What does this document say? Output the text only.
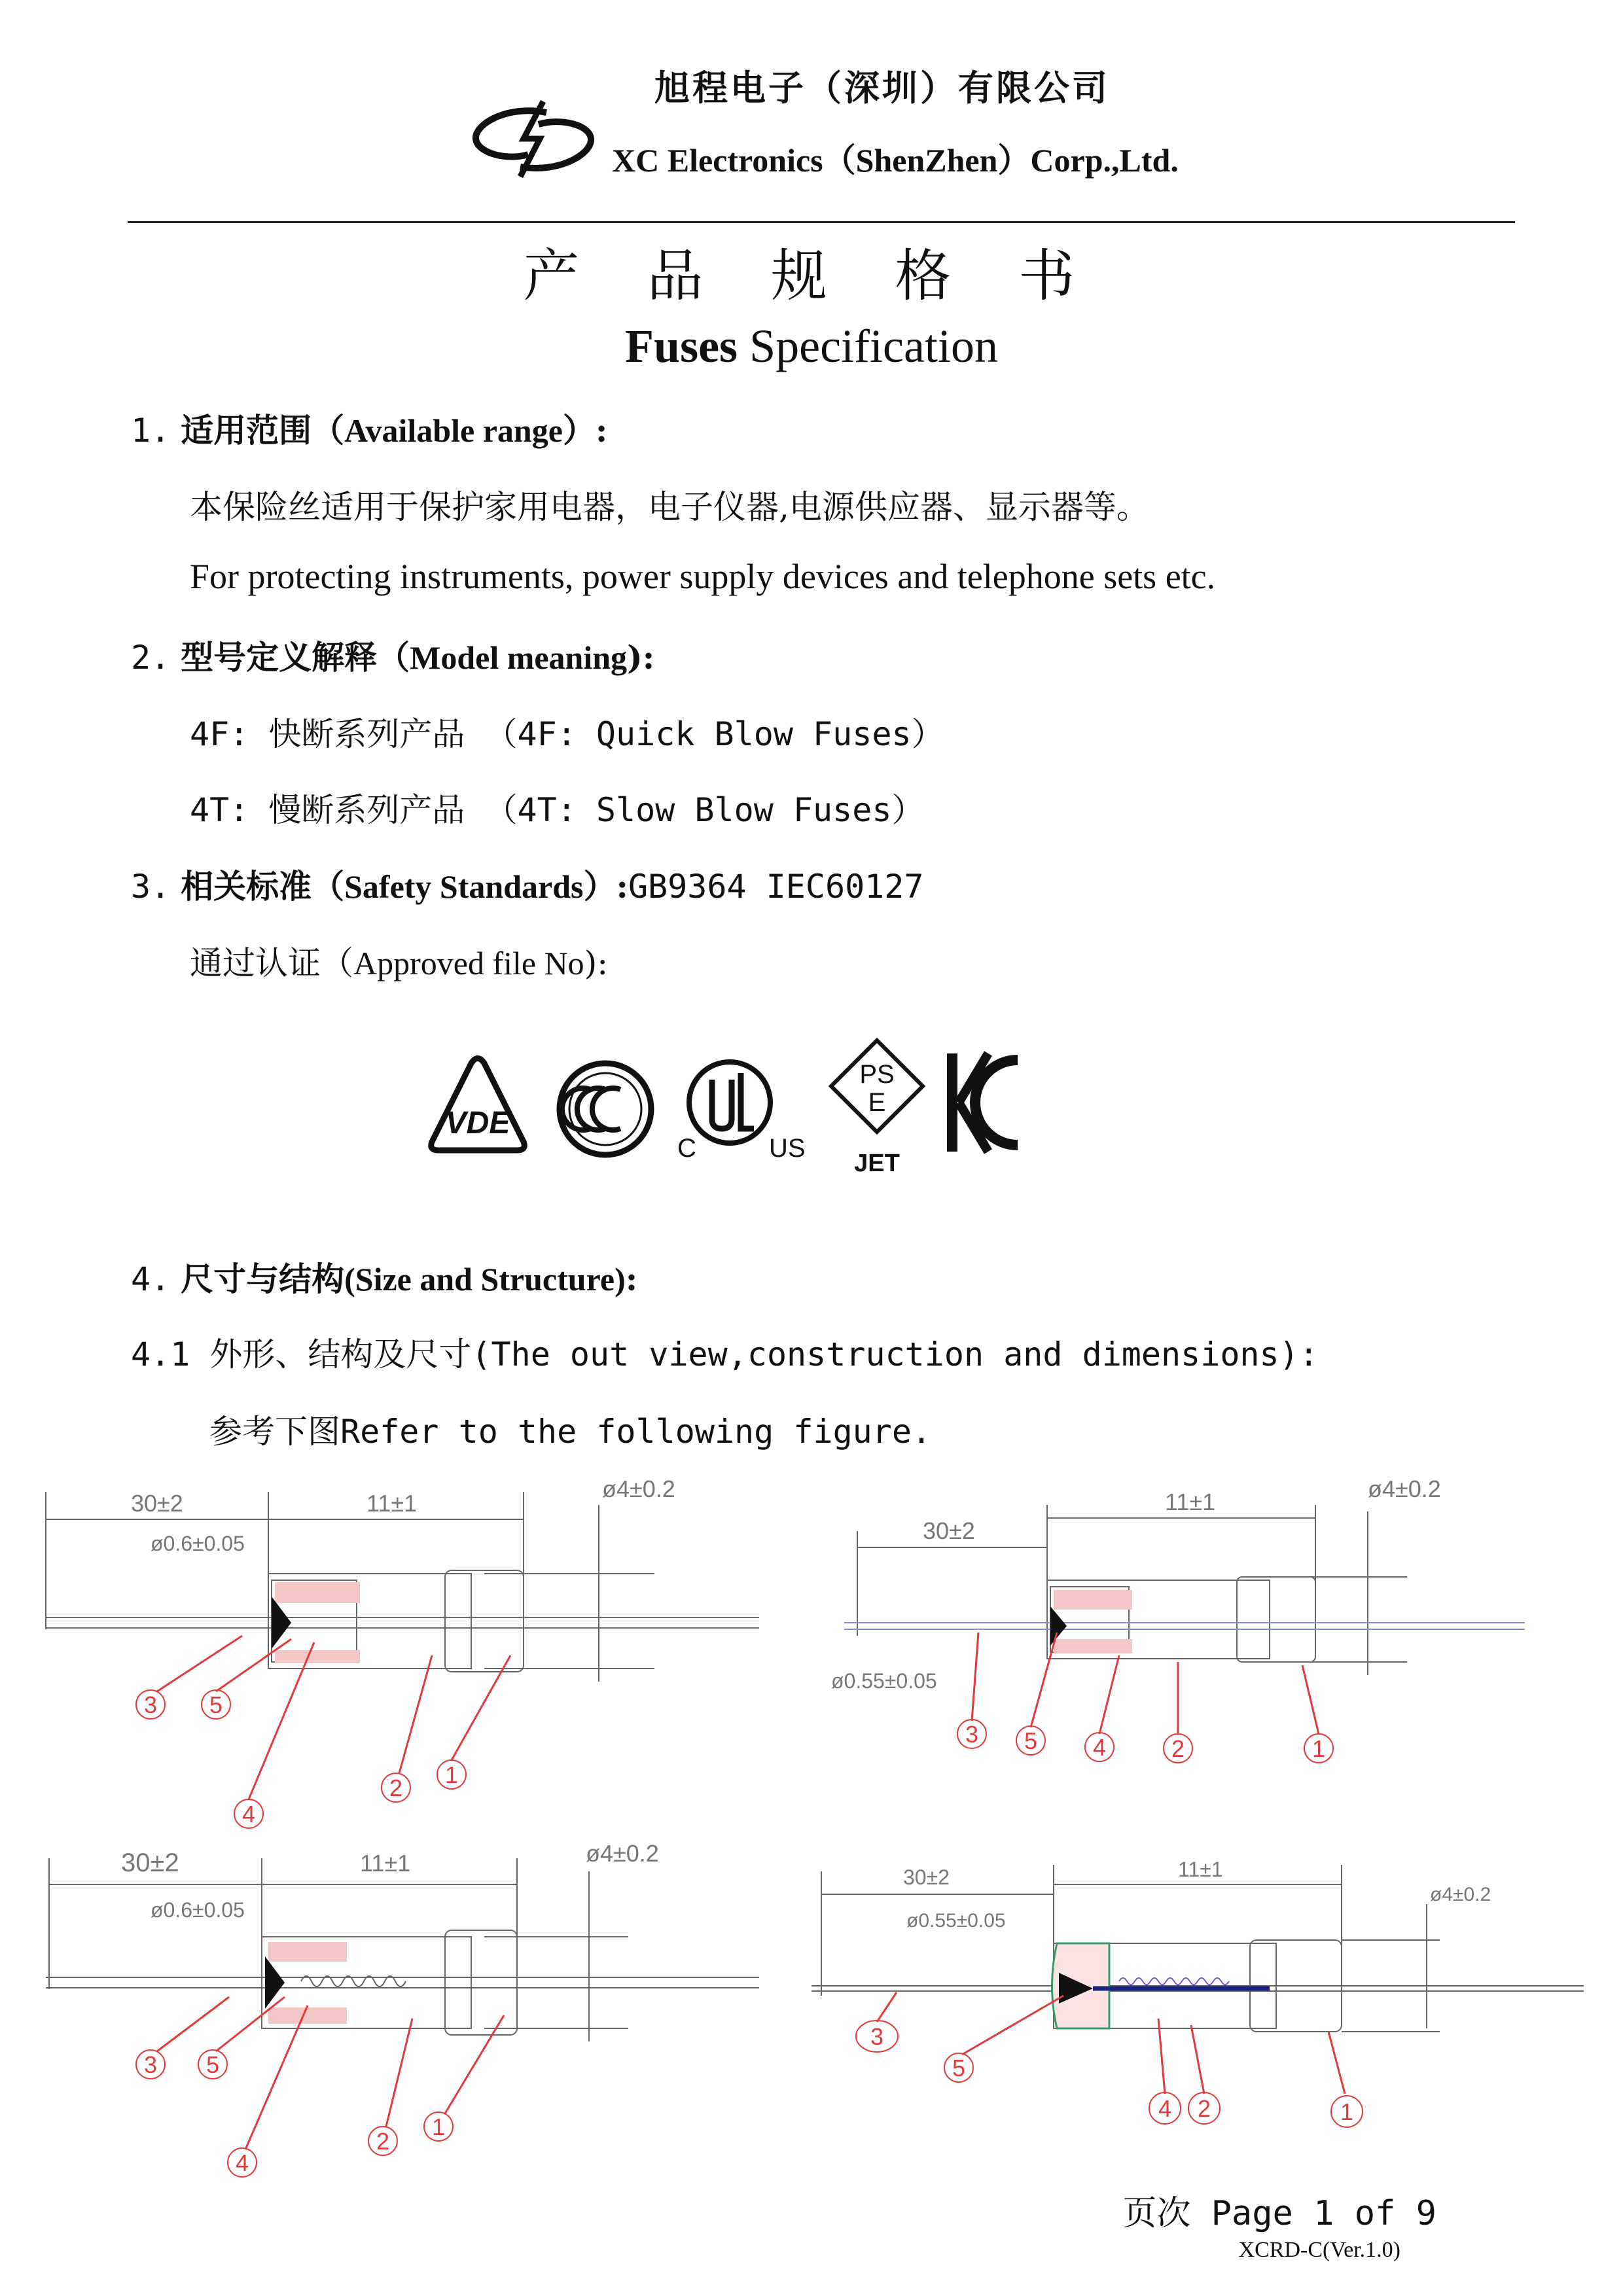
旭程电子（深圳）有限公司
XC Electronics（ShenZhen）Corp.,Ltd.
产 品 规 格 书
Fuses Specification
1. 适用范围（Available range）:
本保险丝适用于保护家用电器，电子仪器,电源供应器、显示器等。
For protecting instruments, power supply devices and telephone sets etc.
2. 型号定义解释（Model meaning):
4F: 快断系列产品 （4F: Quick Blow Fuses）
4T: 慢断系列产品 （4T: Slow Blow Fuses）
3. 相关标准（Safety Standards）:GB9364 IEC60127
通过认证（Approved file No):
VDE
C	US
PS
E
JET
KC
4. 尺寸与结构(Size and Structure):
4.1 外形、结构及尺寸(The out view,construction and dimensions):
参考下图Refer to the following figure.
30±2	11±1
ø4±0.2
ø0.6±0.05
3 5
4
2 1
30±2
11±1	ø4±0.2
ø0.55±0.05
3 5 4	2	1
30±2	11±1	ø4±0.2
ø0.6±0.05
3 5
4
2
1
30±2	11±1
ø4±0.2
ø0.55±0.05
3
5
4 2	1
页次 Page 1 of 9
XCRD-C(Ver.1.0)
